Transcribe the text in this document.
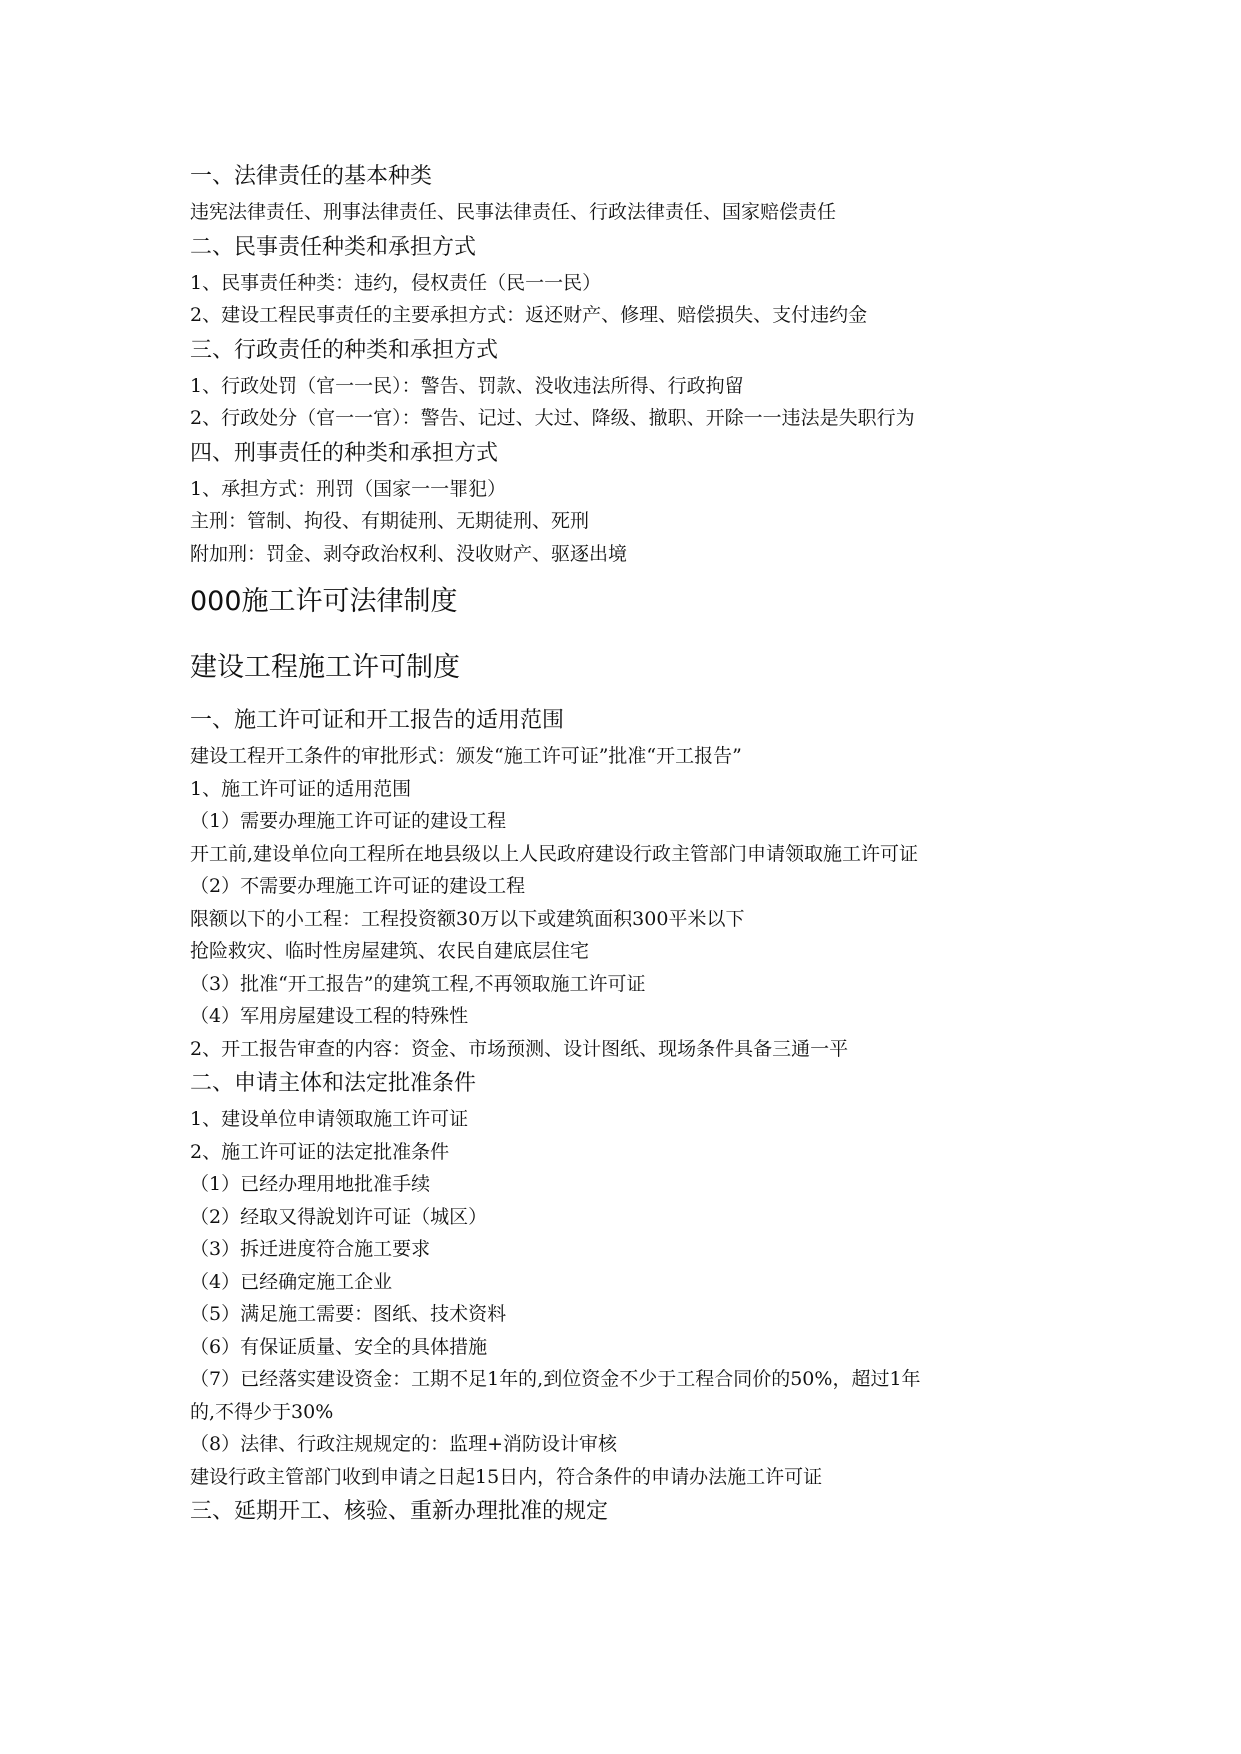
一、法律责任的基本种类
违宪法律责任、刑事法律责任、民事法律责任、行政法律责任、国家赔偿责任
二、民事责任种类和承担方式
1、民事责任种类：违约，侵权责任（民一一民）
2、建设工程民事责任的主要承担方式：返还财产、修理、赔偿损失、支付违约金
三、行政责任的种类和承担方式
1、行政处罚（官一一民）：警告、罚款、没收违法所得、行政拘留
2、行政处分（官一一官）：警告、记过、大过、降级、撤职、开除一一违法是失职行为
四、刑事责任的种类和承担方式
1、承担方式：刑罚（国家一一罪犯）
主刑：管制、拘役、有期徒刑、无期徒刑、死刑
附加刑：罚金、剥夺政治权利、没收财产、驱逐出境
000施工许可法律制度
建设工程施工许可制度
一、施工许可证和开工报告的适用范围
建设工程开工条件的审批形式：颁发“施工许可证”批准“开工报告”
1、施工许可证的适用范围
（1）需要办理施工许可证的建设工程
开工前,建设单位向工程所在地县级以上人民政府建设行政主管部门申请领取施工许可证
（2）不需要办理施工许可证的建设工程
限额以下的小工程：工程投资额30万以下或建筑面积300平米以下
抢险救灾、临时性房屋建筑、农民自建底层住宅
（3）批准“开工报告”的建筑工程,不再领取施工许可证
（4）军用房屋建设工程的特殊性
2、开工报告审查的内容：资金、市场预测、设计图纸、现场条件具备三通一平
二、申请主体和法定批准条件
1、建设单位申请领取施工许可证
2、施工许可证的法定批准条件
（1）已经办理用地批准手续
（2）经取又得說划许可证（城区）
（3）拆迁进度符合施工要求
（4）已经确定施工企业
（5）满足施工需要：图纸、技术资料
（6）有保证质量、安全的具体措施
（7）已经落实建设资金：工期不足1年的,到位资金不少于工程合同价的50%，超过1年
的,不得少于30%
（8）法律、行政注规规定的：监理+消防设计审核
建设行政主管部门收到申请之日起15日内，符合条件的申请办法施工许可证
三、延期开工、核验、重新办理批准的规定
